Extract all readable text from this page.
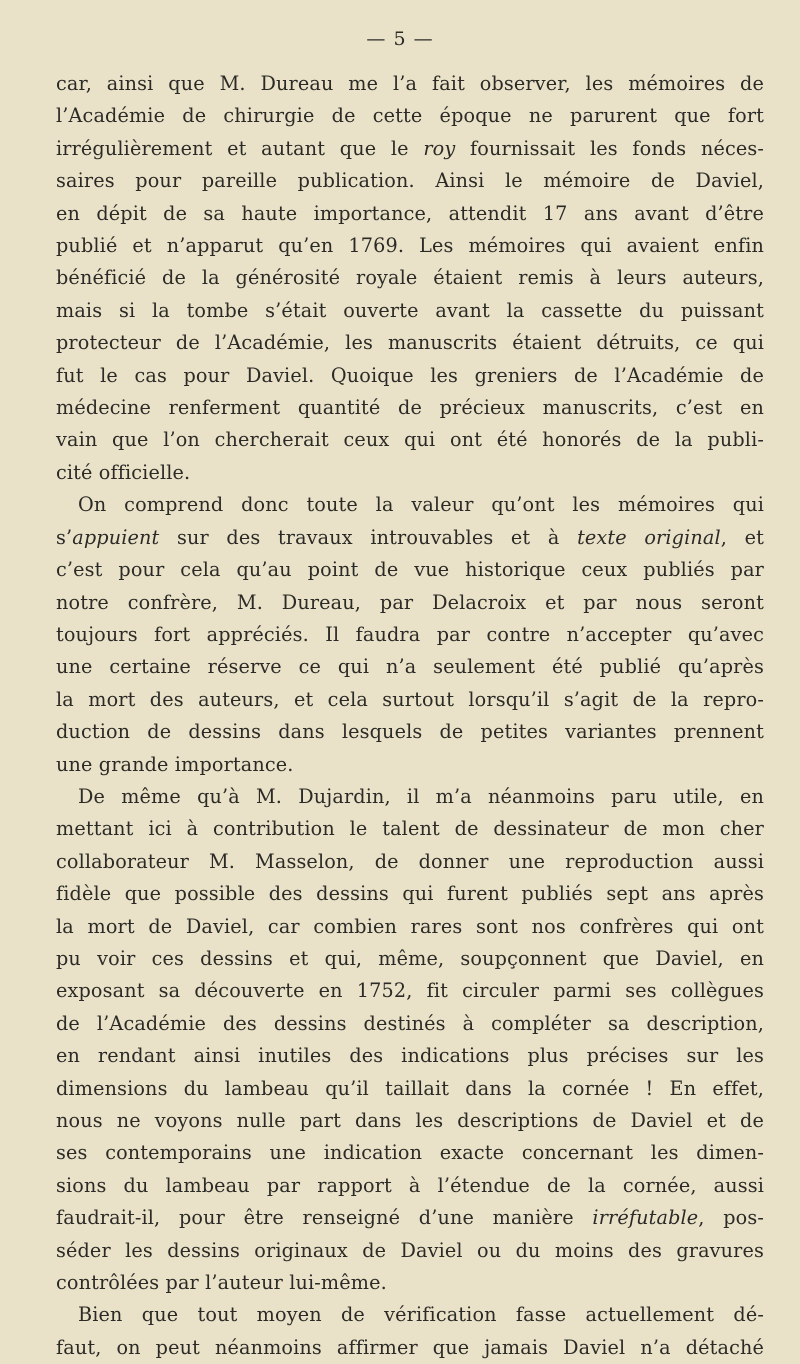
— 5 —
car, ainsi que M. Dureau me l’a fait observer, les mémoires de
l’Académie de chirurgie de cette époque ne parurent que fort
irrégulièrement et autant que le roy fournissait les fonds néces-
saires pour pareille publication. Ainsi le mémoire de Daviel,
en dépit de sa haute importance, attendit 17 ans avant d’être
publié et n’apparut qu’en 1769. Les mémoires qui avaient enfin
bénéficié de la générosité royale étaient remis à leurs auteurs,
mais si la tombe s’était ouverte avant la cassette du puissant
protecteur de l’Académie, les manuscrits étaient détruits, ce qui
fut le cas pour Daviel. Quoique les greniers de l’Académie de
médecine renferment quantité de précieux manuscrits, c’est en
vain que l’on chercherait ceux qui ont été honorés de la publi-
cité officielle.
On comprend donc toute la valeur qu’ont les mémoires qui
s’appuient sur des travaux introuvables et à texte original, et
c’est pour cela qu’au point de vue historique ceux publiés par
notre confrère, M. Dureau, par Delacroix et par nous seront
toujours fort appréciés. Il faudra par contre n’accepter qu’avec
une certaine réserve ce qui n’a seulement été publié qu’après
la mort des auteurs, et cela surtout lorsqu’il s’agit de la repro-
duction de dessins dans lesquels de petites variantes prennent
une grande importance.
De même qu’à M. Dujardin, il m’a néanmoins paru utile, en
mettant ici à contribution le talent de dessinateur de mon cher
collaborateur M. Masselon, de donner une reproduction aussi
fidèle que possible des dessins qui furent publiés sept ans après
la mort de Daviel, car combien rares sont nos confrères qui ont
pu voir ces dessins et qui, même, soupçonnent que Daviel, en
exposant sa découverte en 1752, fit circuler parmi ses collègues
de l’Académie des dessins destinés à compléter sa description,
en rendant ainsi inutiles des indications plus précises sur les
dimensions du lambeau qu’il taillait dans la cornée ! En effet,
nous ne voyons nulle part dans les descriptions de Daviel et de
ses contemporains une indication exacte concernant les dimen-
sions du lambeau par rapport à l’étendue de la cornée, aussi
faudrait-il, pour être renseigné d’une manière irréfutable, pos-
séder les dessins originaux de Daviel ou du moins des gravures
contrôlées par l’auteur lui-même.
Bien que tout moyen de vérification fasse actuellement dé-
faut, on peut néanmoins affirmer que jamais Daviel n’a détaché
